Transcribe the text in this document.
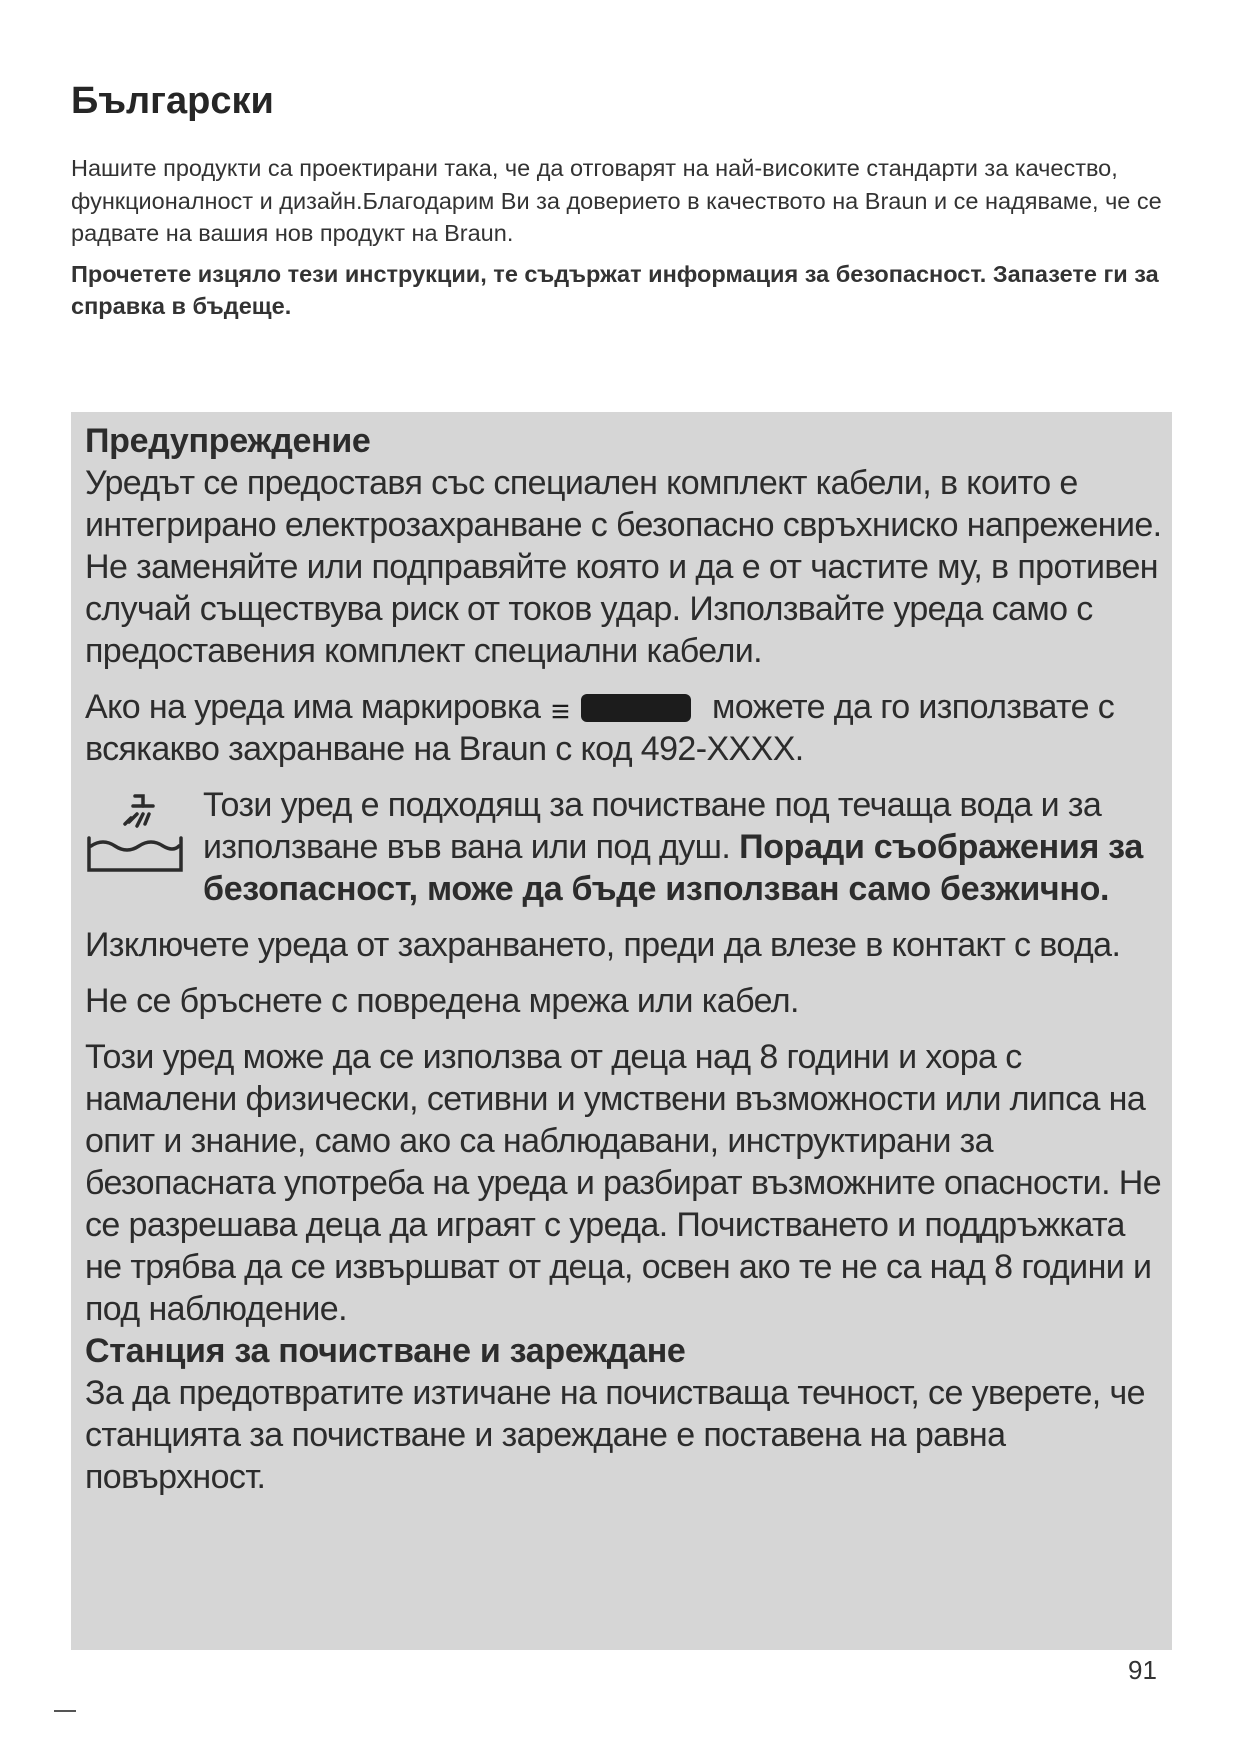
Български
Нашите продукти са проектирани така, че да отговарят на най-високите стандарти за качество, функционалност и дизайн.Благодарим Ви за доверието в качеството на Braun и се надяваме, че се радвате на вашия нов продукт на Braun.
Прочетете изцяло тези инструкции, те съдържат информация за безопасност. Запазете ги за справка в бъдеще.

Предупреждение

Уредът се предоставя със специален комплект кабели, в които е интегрирано електрозахранване с безопасно свръхниско напрежение. Не заменяйте или подправяйте която и да е от частите му, в противен случай съществува риск от токов удар. Използвайте уреда само с предоставения комплект специални кабели.

Ако на уреда има маркировка ≡	можете да го използвате с всякакво захранване на Braun с код 492-XXXX.

Този уред е подходящ за почистване под течаща вода и за използване във вана или под душ. Поради съображения за безопасност, може да бъде използван само безжично.

Изключете уреда от захранването, преди да влезе в контакт с вода.

Не се бръснете с повредена мрежа или кабел.

Този уред може да се използва от деца над 8 години и хора с намалени физически, сетивни и умствени възможности или липса на опит и знание, само ако са наблюдавани, инструктирани за безопасната употреба на уреда и разбират възможните опасности. Не се разрешава деца да играят с уреда. Почистването и поддръжката не трябва да се извършват от деца, освен ако те не са над 8 години и под наблюдение.

Станция за почистване и зареждане

За да предотвратите изтичане на почистваща течност, се уверете, че станцията за почистване и зареждане е поставена на равна повърхност.

91
